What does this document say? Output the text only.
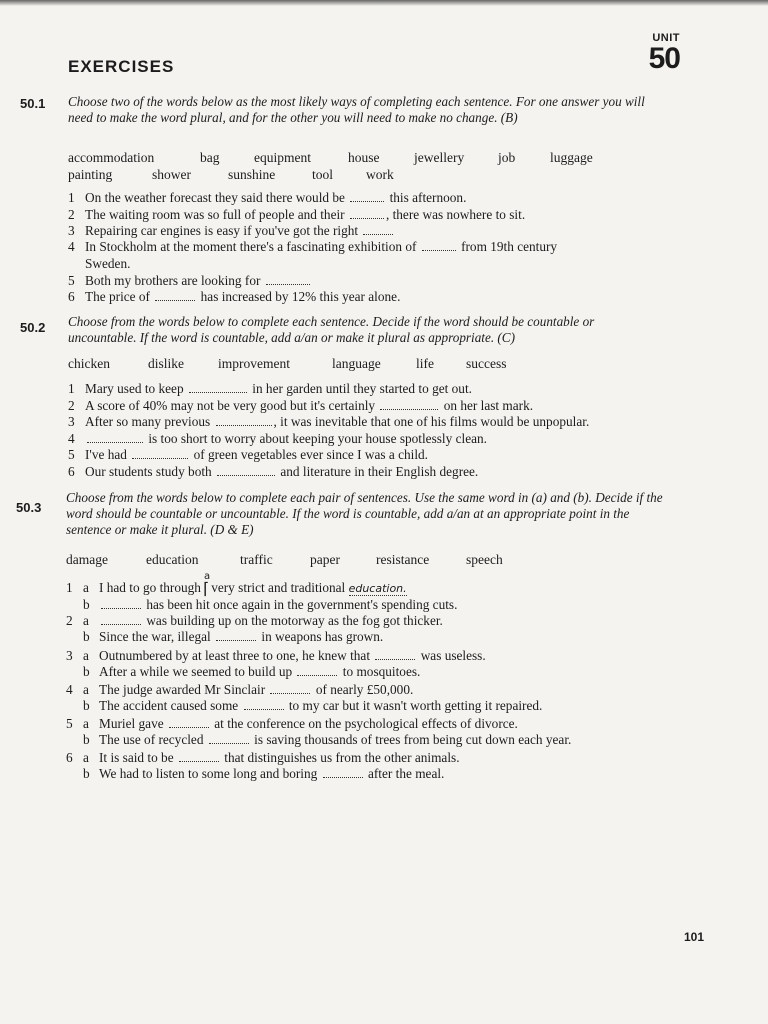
UNIT
50
EXERCISES
50.1 Choose two of the words below as the most likely ways of completing each sentence. For one answer you will need to make the word plural, and for the other you will need to make no change. (B)
accommodation	bag	equipment	house	jewellery	job	luggage
painting	shower	sunshine	tool	work
1 On the weather forecast they said there would be	this afternoon.
2 The waiting room was so full of people and their	, there was nowhere to sit.
3 Repairing car engines is easy if you've got the right
4 In Stockholm at the moment there's a fascinating exhibition of	from 19th century
Sweden.
5 Both my brothers are looking for
6 The price of	has increased by 12% this year alone.
50.2 Choose from the words below to complete each sentence. Decide if the word should be countable or uncountable. If the word is countable, add a/an or make it plural as appropriate. (C)
chicken	dislike	improvement	language	life	success
1 Mary used to keep	in her garden until they started to get out.
2 A score of 40% may not be very good but it's certainly	on her last mark.
3 After so many previous	, it was inevitable that one of his films would be unpopular.
4	is too short to worry about keeping your house spotlessly clean.
5 I've had	of green vegetables ever since I was a child.
6 Our students study both	and literature in their English degree.
50.3
Choose from the words below to complete each pair of sentences. Use the same word in (a) and (b). Decide if the word should be countable or uncountable. If the word is countable, add a/an at an appropriate point in the sentence or make it plural. (D & E)
damage	education	traffic	paper	resistance	speech
1 a I had to go through ⌈
a
very strict and traditional education.
b	has been hit once again in the government's spending cuts.
2 a	was building up on the motorway as the fog got thicker.
b Since the war, illegal	in weapons has grown.
3 a Outnumbered by at least three to one, he knew that	was useless.
b After a while we seemed to build up	to mosquitoes.
4 a The judge awarded Mr Sinclair	of nearly £50,000.
b The accident caused some	to my car but it wasn't worth getting it repaired.
5 a Muriel gave	at the conference on the psychological effects of divorce.
b The use of recycled	is saving thousands of trees from being cut down each year.
6 a It is said to be	that distinguishes us from the other animals.
b We had to listen to some long and boring	after the meal.
101
